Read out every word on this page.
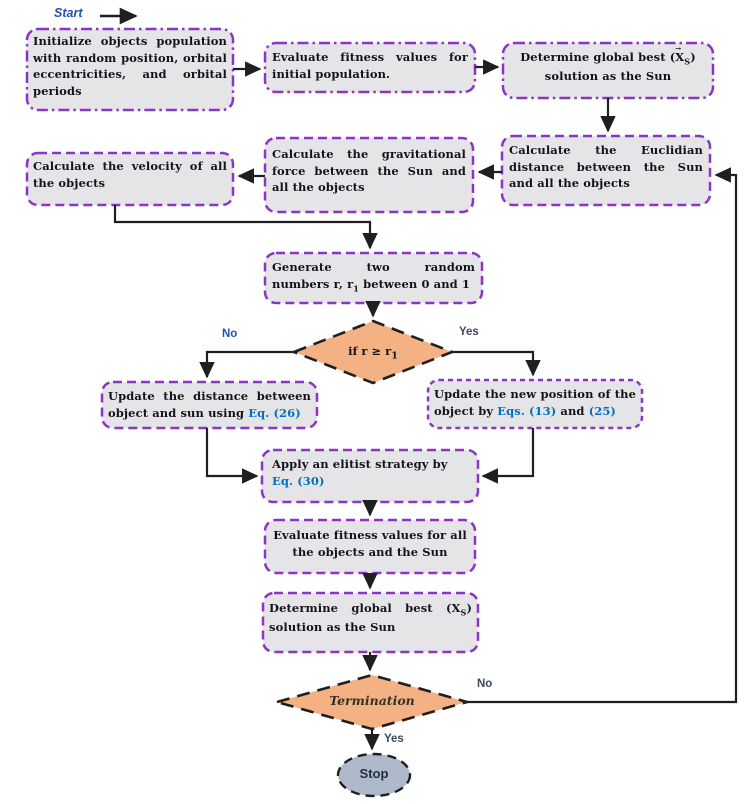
Start
Initialize objects population with random position, orbital eccentricities, and orbital periods
Evaluate fitness values for initial population.
Determine global best $(X \to_S)$ solution as the Sun
Calculate the Euclidian distance between the Sun and all the objects
Calculate the gravitational force between the Sun and all the objects
Calculate the velocity of all the objects
Generate two random numbers r, $r_1$ between 0 and 1
if $r \ge r_1$
Update the distance between object and sun using Eq. (26)
Update the new position of the object by Eqs. (13) and (25)
Apply an elitist strategy by
Eq. (30)
Evaluate fitness values for all the objects and the Sun
Determine global best $(X_S)$ solution as the Sun
Termination
Stop
No	Yes
No
Yes
